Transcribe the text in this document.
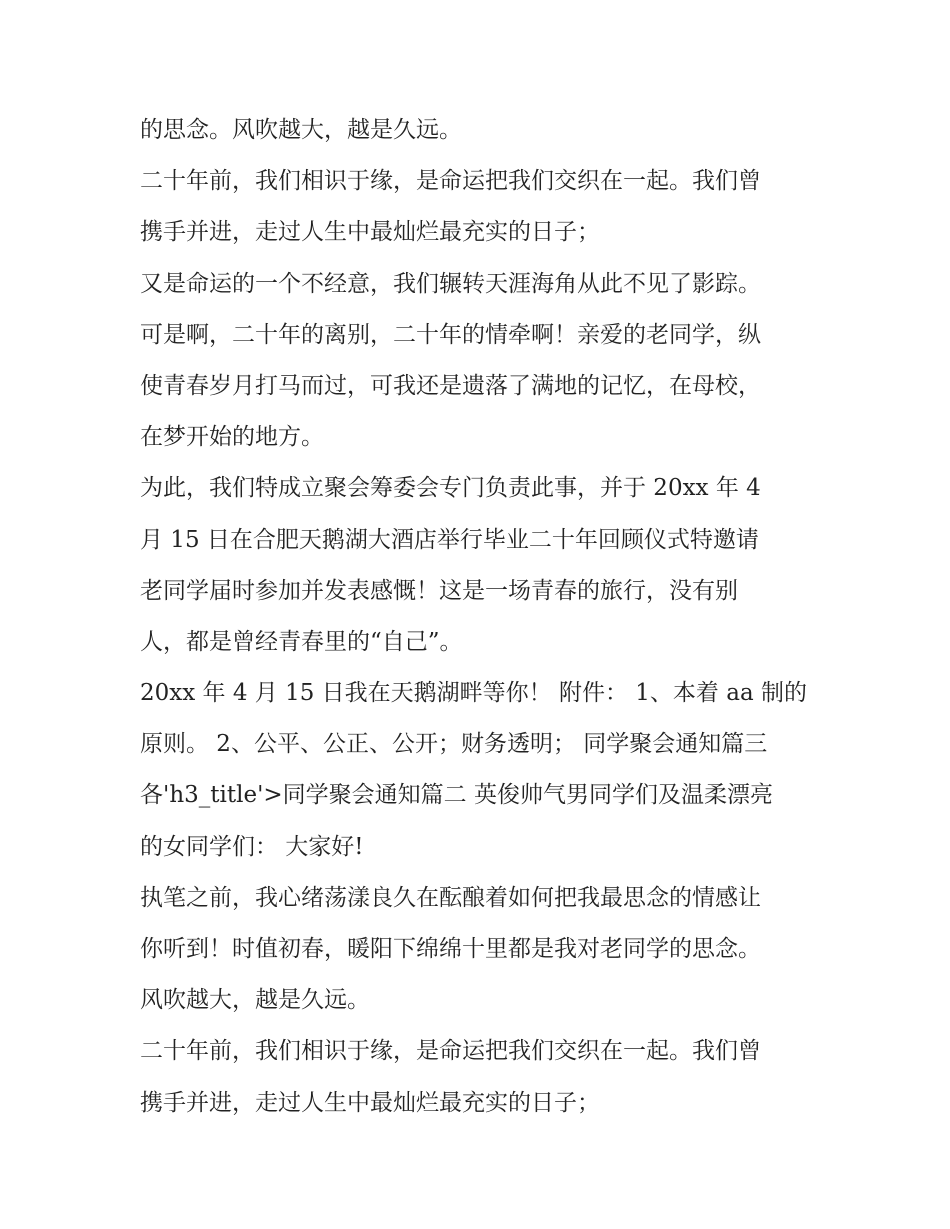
的思念。风吹越大，越是久远。
二十年前，我们相识于缘，是命运把我们交织在一起。我们曾
携手并进，走过人生中最灿烂最充实的日子；
又是命运的一个不经意，我们辗转天涯海角从此不见了影踪。
可是啊，二十年的离别，二十年的情牵啊！亲爱的老同学，纵
使青春岁月打马而过，可我还是遗落了满地的记忆，在母校，
在梦开始的地方。
为此，我们特成立聚会筹委会专门负责此事，并于 20xx 年 4
月 15 日在合肥天鹅湖大酒店举行毕业二十年回顾仪式特邀请
老同学届时参加并发表感慨！这是一场青春的旅行，没有别
人，都是曾经青春里的“自己”。
20xx 年 4 月 15 日我在天鹅湖畔等你！ 附件： 1、本着 aa 制的
原则。 2、公平、公正、公开；财务透明； 同学聚会通知篇三
各'h3_title'>同学聚会通知篇二 英俊帅气男同学们及温柔漂亮
的女同学们： 大家好!
执笔之前，我心绪荡漾良久在酝酿着如何把我最思念的情感让
你听到！时值初春，暖阳下绵绵十里都是我对老同学的思念。
风吹越大，越是久远。
二十年前，我们相识于缘，是命运把我们交织在一起。我们曾
携手并进，走过人生中最灿烂最充实的日子；
